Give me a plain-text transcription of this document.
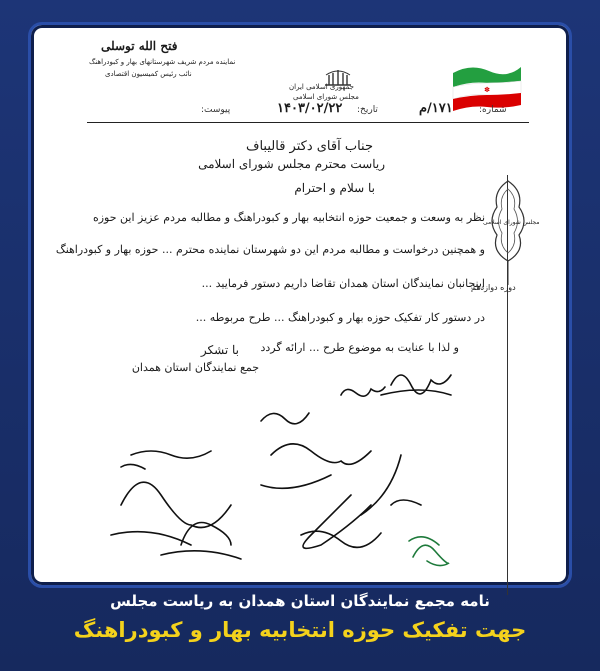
✽
فتح الله توسلی
نماینده مردم شریف شهرستانهای بهار و کبودراهنگ
نائب رئیس کمیسیون اقتصادی
جمهوری اسلامی ایران
مجلس شورای اسلامی
شماره:
۱۷۱/م
تاریخ:
۱۴۰۳/۰۲/۲۲
پیوست:
مجلس شورای اسلامی
دوره دوازدهم
جناب آقای دکتر قالیباف
ریاست محترم مجلس شورای اسلامی
با سلام و احترام
نظر به وسعت و جمعیت حوزه انتخابیه بهار و کبودراهنگ و مطالبه مردم عزیز این حوزه
و همچنین درخواست و مطالبه مردم این دو شهرستان نماینده محترم ... حوزه بهار و کبودراهنگ
اینجانبان نمایندگان استان همدان تقاضا داریم دستور فرمایید ...
در دستور کار تفکیک حوزه بهار و کبودراهنگ ... طرح مربوطه ...
و لذا با عنایت به موضوع طرح ... ارائه گردد
با تشکر
جمع نمایندگان استان همدان
نامه مجمع نمایندگان استان همدان به ریاست مجلس
جهت تفکیک حوزه انتخابیه بهار و کبودراهنگ
